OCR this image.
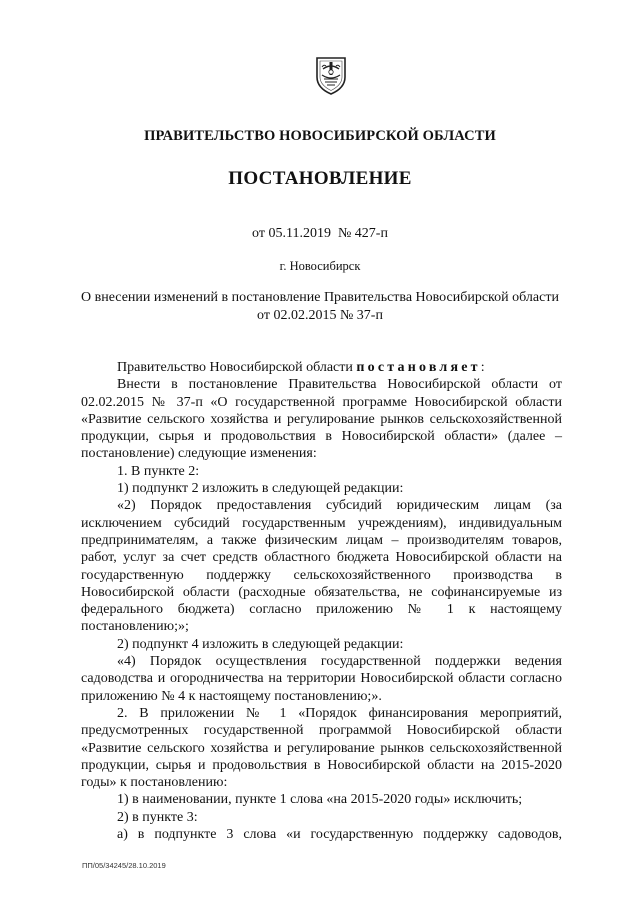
ПРАВИТЕЛЬСТВО НОВОСИБИРСКОЙ ОБЛАСТИ
ПОСТАНОВЛЕНИЕ
от 05.11.2019  № 427-п
г. Новосибирск
О внесении изменений в постановление Правительства Новосибирской области
от 02.02.2015 № 37-п

Правительство Новосибирской области постановляет:

Внести в постановление Правительства Новосибирской области от 02.02.2015 № 37-п «О государственной программе Новосибирской области «Развитие сельского хозяйства и регулирование рынков сельскохозяйственной продукции, сырья и продовольствия в Новосибирской области» (далее – постановление) следующие изменения:

1. В пункте 2:

1) подпункт 2 изложить в следующей редакции:

«2) Порядок предоставления субсидий юридическим лицам (за исключением субсидий государственным учреждениям), индивидуальным предпринимателям, а также физическим лицам – производителям товаров, работ, услуг за счет средств областного бюджета Новосибирской области на государственную поддержку сельскохозяйственного производства в Новосибирской области (расходные обязательства, не софинансируемые из федерального бюджета) согласно приложению № 1 к настоящему постановлению;»;

2) подпункт 4 изложить в следующей редакции:

«4) Порядок осуществления государственной поддержки ведения садоводства и огородничества на территории Новосибирской области согласно приложению № 4 к настоящему постановлению;».

2. В приложении № 1 «Порядок финансирования мероприятий, предусмотренных государственной программой Новосибирской области «Развитие сельского хозяйства и регулирование рынков сельскохозяйственной продукции, сырья и продовольствия в Новосибирской области на 2015-2020 годы» к постановлению:

1) в наименовании, пункте 1 слова «на 2015-2020 годы» исключить;

2) в пункте 3:

а) в подпункте 3 слова «и государственную поддержку садоводов,

ПП/05/34245/28.10.2019
